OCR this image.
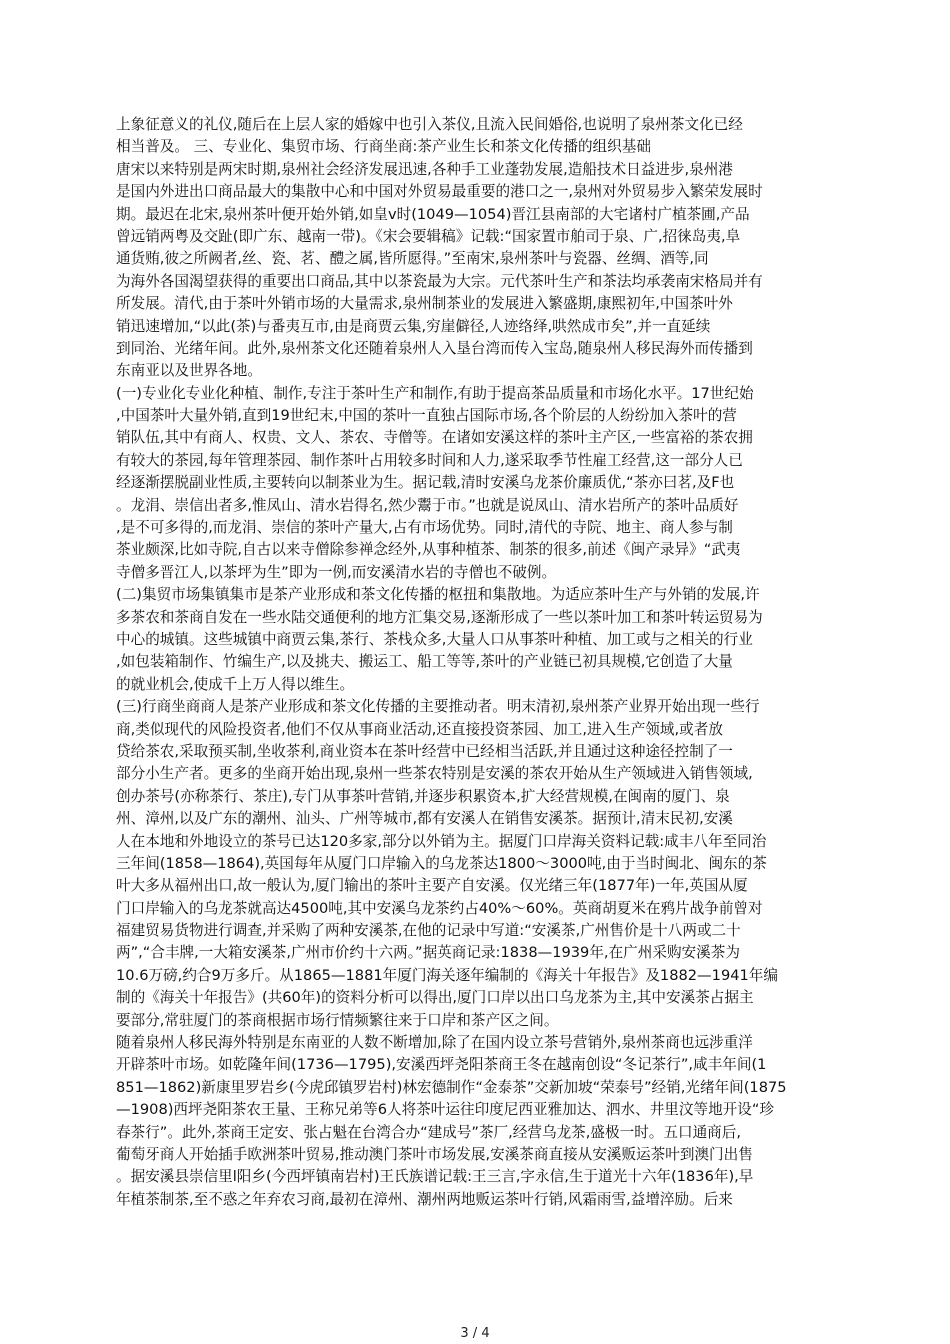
上象征意义的礼仪,随后在上层人家的婚嫁中也引入茶仪,且流入民间婚俗,也说明了泉州茶文化已经
相当普及。 三、专业化、集贸市场、行商坐商:茶产业生长和茶文化传播的组织基础
唐宋以来特别是两宋时期,泉州社会经济发展迅速,各种手工业蓬勃发展,造船技术日益进步,泉州港
是国内外进出口商品最大的集散中心和中国对外贸易最重要的港口之一,泉州对外贸易步入繁荣发展时
期。最迟在北宋,泉州茶叶便开始外销,如皇v时(1049—1054)晋江县南部的大宅诸村广植茶圃,产品
曾远销两粤及交趾(即广东、越南一带)。《宋会要辑稿》记载:“国家置市舶司于泉、广,招徕岛夷,阜
通货贿,彼之所阙者,丝、瓷、茗、醴之属,皆所愿得。”至南宋,泉州茶叶与瓷器、丝绸、酒等,同
为海外各国渴望获得的重要出口商品,其中以茶瓷最为大宗。元代茶叶生产和茶法均承袭南宋格局并有
所发展。清代,由于茶叶外销市场的大量需求,泉州制茶业的发展进入繁盛期,康熙初年,中国茶叶外
销迅速增加,“以此(茶)与番夷互市,由是商贾云集,穷崖僻径,人迹络绎,哄然成市矣”,并一直延续
到同治、光绪年间。此外,泉州茶文化还随着泉州人入垦台湾而传入宝岛,随泉州人移民海外而传播到
东南亚以及世界各地。
(一)专业化专业化种植、制作,专注于茶叶生产和制作,有助于提高茶品质量和市场化水平。17世纪始
,中国茶叶大量外销,直到19世纪末,中国的茶叶一直独占国际市场,各个阶层的人纷纷加入茶叶的营
销队伍,其中有商人、权贵、文人、茶农、寺僧等。在诸如安溪这样的茶叶主产区,一些富裕的茶农拥
有较大的茶园,每年管理茶园、制作茶叶占用较多时间和人力,遂采取季节性雇工经营,这一部分人已
经逐渐摆脱副业性质,主要转向以制茶业为生。据记载,清时安溪乌龙茶价廉质优,“茶亦曰茗,及F也
。龙涓、崇信出者多,惟凤山、清水岩得名,然少鬻于市。”也就是说凤山、清水岩所产的茶叶品质好
,是不可多得的,而龙涓、崇信的茶叶产量大,占有市场优势。同时,清代的寺院、地主、商人参与制
茶业颇深,比如寺院,自古以来寺僧除参禅念经外,从事种植茶、制茶的很多,前述《闽产录异》“武夷
寺僧多晋江人,以茶坪为生”即为一例,而安溪清水岩的寺僧也不破例。
(二)集贸市场集镇集市是茶产业形成和茶文化传播的枢扭和集散地。为适应茶叶生产与外销的发展,许
多茶农和茶商自发在一些水陆交通便利的地方汇集交易,逐渐形成了一些以茶叶加工和茶叶转运贸易为
中心的城镇。这些城镇中商贾云集,茶行、茶栈众多,大量人口从事茶叶种植、加工或与之相关的行业
,如包装箱制作、竹编生产,以及挑夫、搬运工、船工等等,茶叶的产业链已初具规模,它创造了大量
的就业机会,使成千上万人得以维生。
(三)行商坐商商人是茶产业形成和茶文化传播的主要推动者。明末清初,泉州茶产业界开始出现一些行
商,类似现代的风险投资者,他们不仅从事商业活动,还直接投资茶园、加工,进入生产领域,或者放
贷给茶农,采取预买制,坐收茶利,商业资本在茶叶经营中已经相当活跃,并且通过这种途径控制了一
部分小生产者。更多的坐商开始出现,泉州一些茶农特别是安溪的茶农开始从生产领域进入销售领域,
创办茶号(亦称茶行、茶庄),专门从事茶叶营销,并逐步积累资本,扩大经营规模,在闽南的厦门、泉
州、漳州,以及广东的潮州、汕头、广州等城市,都有安溪人在销售安溪茶。据预计,清末民初,安溪
人在本地和外地设立的茶号已达120多家,部分以外销为主。据厦门口岸海关资料记载:咸丰八年至同治
三年间(1858—1864),英国每年从厦门口岸输入的乌龙茶达1800～3000吨,由于当时闽北、闽东的茶
叶大多从福州出口,故一般认为,厦门输出的茶叶主要产自安溪。仅光绪三年(1877年)一年,英国从厦
门口岸输入的乌龙茶就高达4500吨,其中安溪乌龙茶约占40%～60%。英商胡夏米在鸦片战争前曾对
福建贸易货物进行调查,并采购了两种安溪茶,在他的记录中写道:“安溪茶,广州售价是十八两或二十
两”,“合丰牌,一大箱安溪茶,广州市价约十六两。”据英商记录:1838—1939年,在广州采购安溪茶为
10.6万磅,约合9万多斤。从1865—1881年厦门海关逐年编制的《海关十年报告》及1882—1941年编
制的《海关十年报告》(共60年)的资料分析可以得出,厦门口岸以出口乌龙茶为主,其中安溪茶占据主
要部分,常驻厦门的茶商根据市场行情频繁往来于口岸和茶产区之间。
随着泉州人移民海外特别是东南亚的人数不断增加,除了在国内设立茶号营销外,泉州茶商也远涉重洋
开辟茶叶市场。如乾隆年间(1736—1795),安溪西坪尧阳茶商王冬在越南创设“冬记茶行”,咸丰年间(1
851—1862)新康里罗岩乡(今虎邱镇罗岩村)林宏德制作“金泰茶”交新加坡“荣泰号”经销,光绪年间(1875
—1908)西坪尧阳茶农王量、王称兄弟等6人将茶叶运往印度尼西亚雅加达、泗水、井里汶等地开设“珍
春茶行”。此外,茶商王定安、张占魁在台湾合办“建成号”茶厂,经营乌龙茶,盛极一时。五口通商后,
葡萄牙商人开始插手欧洲茶叶贸易,推动澳门茶叶市场发展,安溪茶商直接从安溪贩运茶叶到澳门出售
。据安溪县崇信里l阳乡(今西坪镇南岩村)王氏族谱记载:王三言,字永信,生于道光十六年(1836年),早
年植茶制茶,至不惑之年弃农习商,最初在漳州、潮州两地贩运茶叶行销,风霜雨雪,益增淬励。后来
3 / 4
